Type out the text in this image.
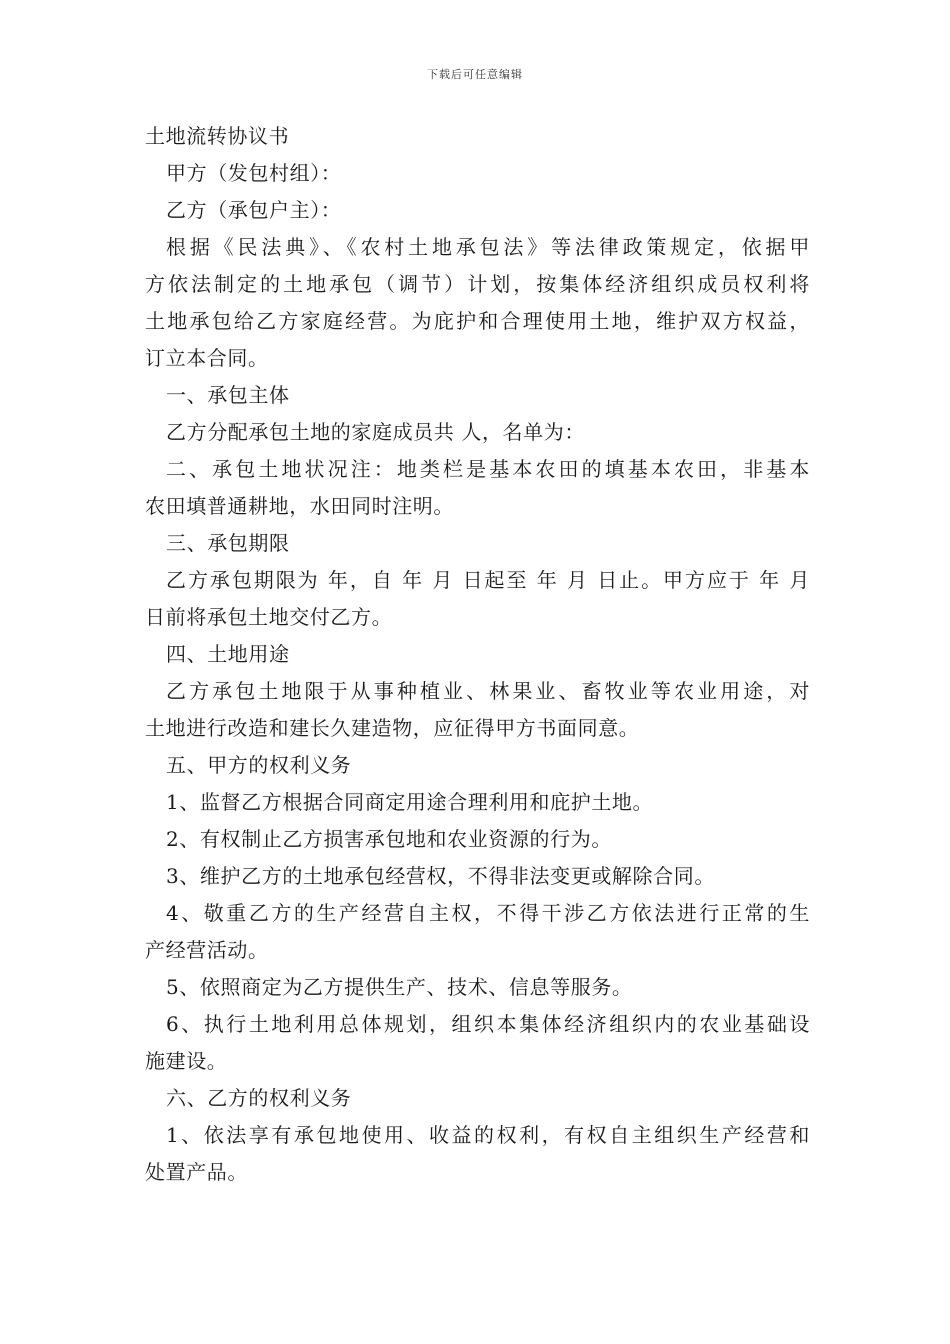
下载后可任意编辑
土地流转协议书
甲方（发包村组）：
乙方（承包户主）：
根据《民法典》、《农村土地承包法》等法律政策规定，依据甲
方依法制定的土地承包（调节）计划，按集体经济组织成员权利将
土地承包给乙方家庭经营。为庇护和合理使用土地，维护双方权益，
订立本合同。
一、承包主体
乙方分配承包土地的家庭成员共 人，名单为：
二、承包土地状况注：地类栏是基本农田的填基本农田，非基本
农田填普通耕地，水田同时注明。
三、承包期限
乙方承包期限为 年，自 年 月 日起至 年 月 日止。甲方应于 年 月
日前将承包土地交付乙方。
四、土地用途
乙方承包土地限于从事种植业、林果业、畜牧业等农业用途，对
土地进行改造和建长久建造物，应征得甲方书面同意。
五、甲方的权利义务
1、监督乙方根据合同商定用途合理利用和庇护土地。
2、有权制止乙方损害承包地和农业资源的行为。
3、维护乙方的土地承包经营权，不得非法变更或解除合同。
4、敬重乙方的生产经营自主权，不得干涉乙方依法进行正常的生
产经营活动。
5、依照商定为乙方提供生产、技术、信息等服务。
6、执行土地利用总体规划，组织本集体经济组织内的农业基础设
施建设。
六、乙方的权利义务
1、依法享有承包地使用、收益的权利，有权自主组织生产经营和
处置产品。
